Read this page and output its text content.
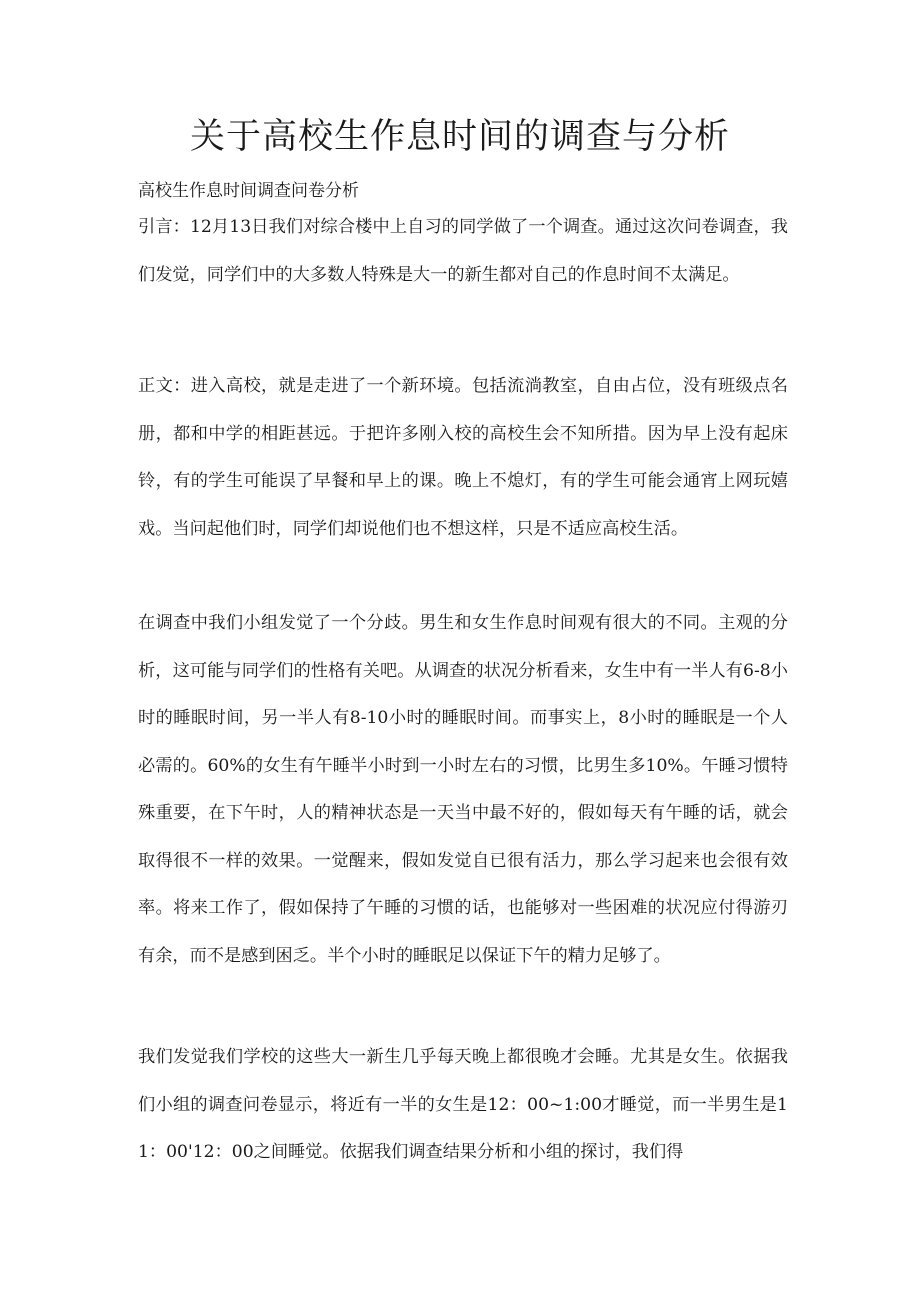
关于高校生作息时间的调查与分析

高校生作息时间调查问卷分析

引言：12月13日我们对综合楼中上自习的同学做了一个调查。通过这次问卷调查，我们发觉，同学们中的大多数人特殊是大一的新生都对自己的作息时间不太满足。

正文：进入高校，就是走进了一个新环境。包括流淌教室，自由占位，没有班级点名册，都和中学的相距甚远。于把许多刚入校的高校生会不知所措。因为早上没有起床铃，有的学生可能误了早餐和早上的课。晚上不熄灯，有的学生可能会通宵上网玩嬉戏。当问起他们时，同学们却说他们也不想这样，只是不适应高校生活。

在调查中我们小组发觉了一个分歧。男生和女生作息时间观有很大的不同。主观的分析，这可能与同学们的性格有关吧。从调查的状况分析看来，女生中有一半人有6-8小时的睡眠时间，另一半人有8-10小时的睡眠时间。而事实上，8小时的睡眠是一个人必需的。60%的女生有午睡半小时到一小时左右的习惯，比男生多10%。午睡习惯特殊重要，在下午时，人的精神状态是一天当中最不好的，假如每天有午睡的话，就会取得很不一样的效果。一觉醒来，假如发觉自已很有活力，那么学习起来也会很有效率。将来工作了，假如保持了午睡的习惯的话，也能够对一些困难的状况应付得游刃有余，而不是感到困乏。半个小时的睡眠足以保证下午的精力足够了。

我们发觉我们学校的这些大一新生几乎每天晚上都很晚才会睡。尤其是女生。依据我们小组的调查问卷显示，将近有一半的女生是12：00~1:00才睡觉，而一半男生是11：00'12：00之间睡觉。依据我们调查结果分析和小组的探讨，我们得
